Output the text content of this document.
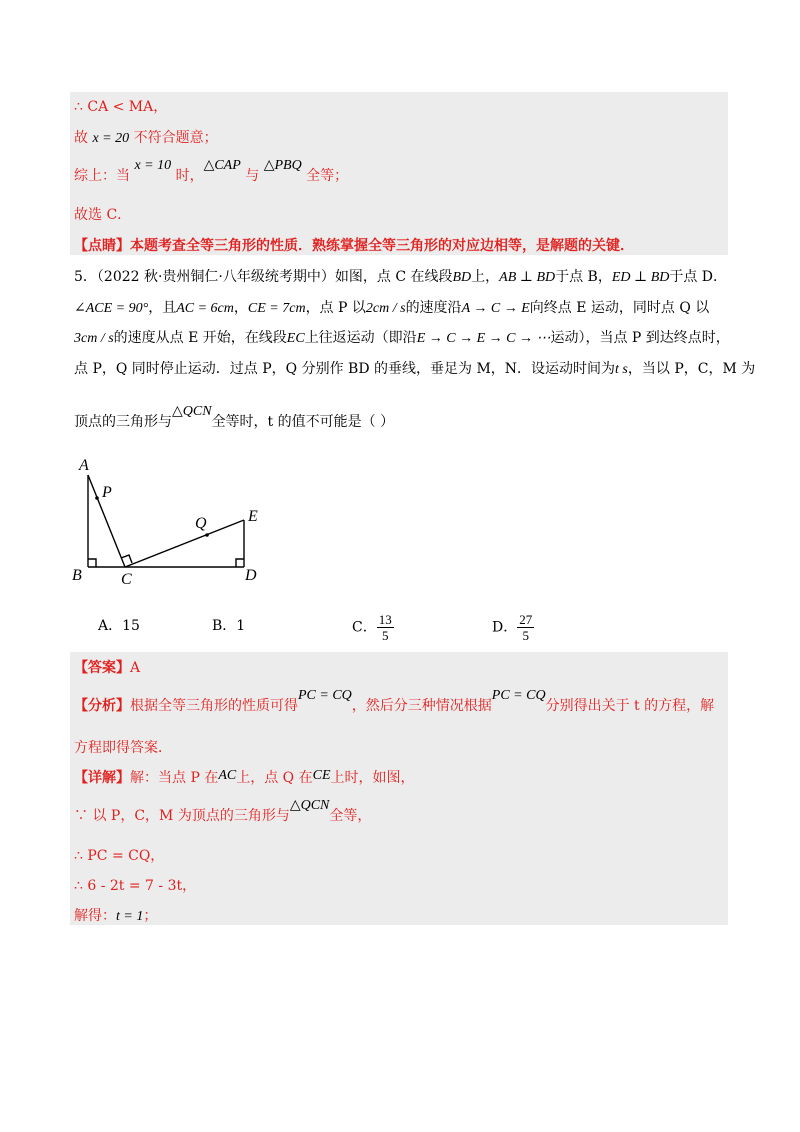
∴ CA < MA，
故 x = 20 不符合题意；
综上：当 x = 10 时，△CAP 与 △PBQ 全等；
故选 C．
【点睛】本题考查全等三角形的性质．熟练掌握全等三角形的对应边相等，是解题的关键．
5．（2022 秋·贵州铜仁·八年级统考期中）如图，点 C 在线段BD上，AB ⊥ BD于点 B，ED ⊥ BD于点 D．
∠ACE = 90°，且AC = 6cm，CE = 7cm，点 P 以2cm / s的速度沿A → C → E向终点 E 运动，同时点 Q 以
3cm / s的速度从点 E 开始，在线段EC上往返运动（即沿E → C → E → C → ⋯运动），当点 P 到达终点时，
点 P，Q 同时停止运动．过点 P，Q 分别作 BD 的垂线，垂足为 M，N．设运动时间为t s，当以 P，C，M 为
顶点的三角形与△QCN全等时，t 的值不可能是（ ）
A
P
Q	E
B C	D
A．15	B．1	C． $\frac{13}{5}$	D． $\frac{27}{5}$
【答案】A
【分析】根据全等三角形的性质可得PC = CQ，然后分三种情况根据PC = CQ分别得出关于 t 的方程，解
方程即得答案．
【详解】解：当点 P 在AC上，点 Q 在CE上时，如图，
∵ 以 P，C，M 为顶点的三角形与△QCN全等，
∴ PC = CQ，
∴ 6 - 2t = 7 - 3t，
解得：t = 1；
